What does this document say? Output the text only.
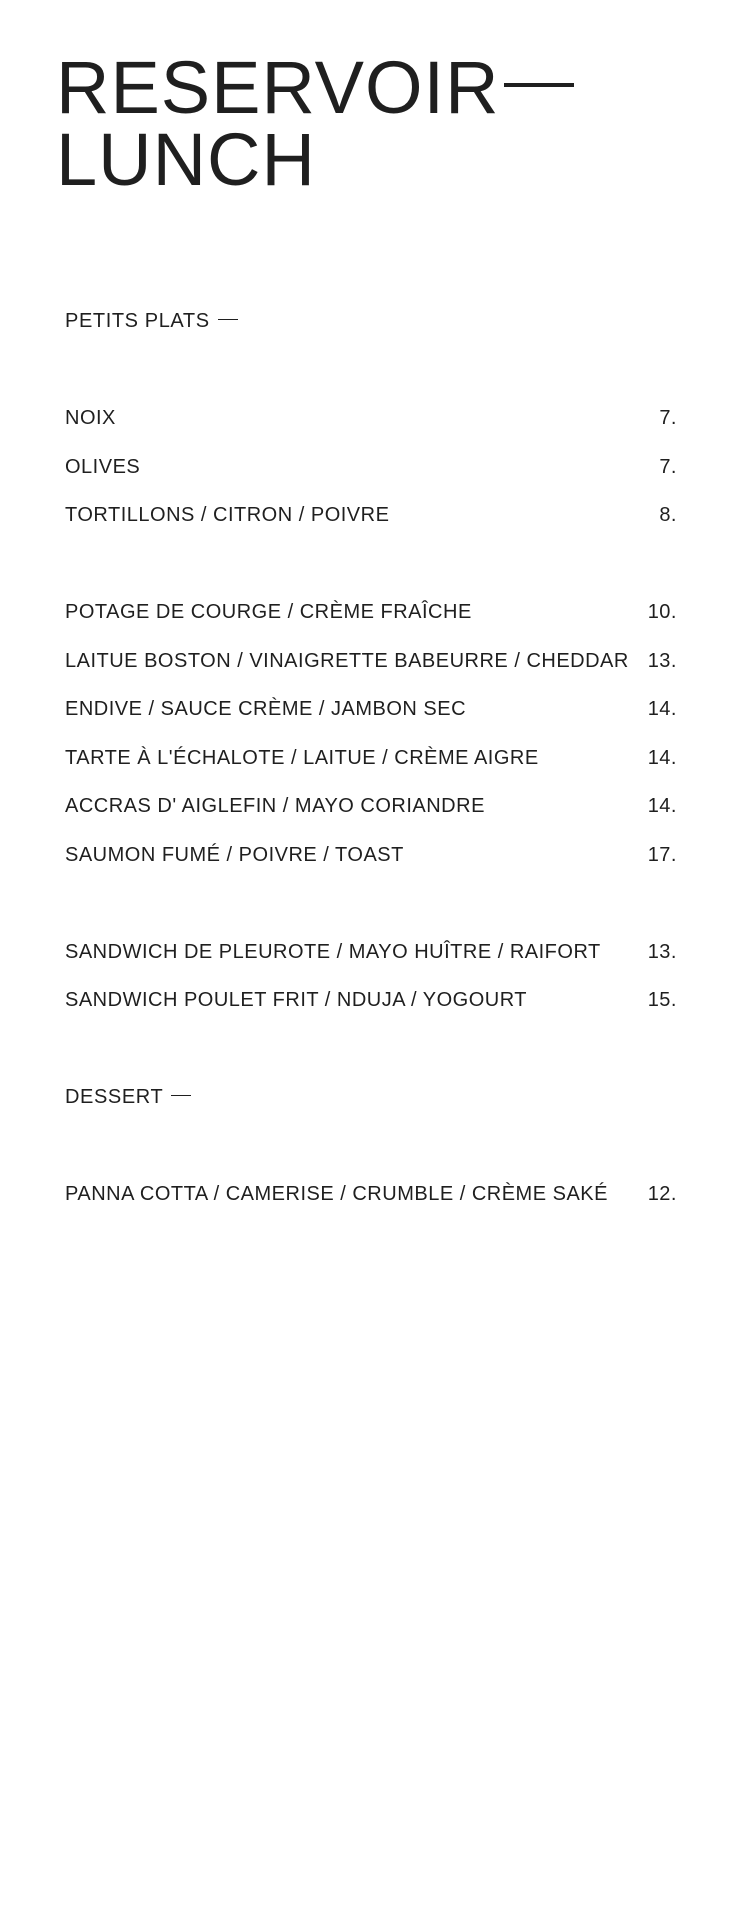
RESERVOIR
LUNCH
PETITS PLATS
NOIX	7.
OLIVES	7.
TORTILLONS / CITRON / POIVRE	8.
POTAGE DE COURGE / CRÈME FRAÎCHE	10.
LAITUE BOSTON / VINAIGRETTE BABEURRE / CHEDDAR 13.
ENDIVE / SAUCE CRÈME / JAMBON SEC	14.
TARTE À L'ÉCHALOTE / LAITUE / CRÈME AIGRE	14.
ACCRAS D' AIGLEFIN / MAYO CORIANDRE	14.
SAUMON FUMÉ / POIVRE / TOAST	17.
SANDWICH DE PLEUROTE / MAYO HUÎTRE / RAIFORT 13.
SANDWICH POULET FRIT / NDUJA / YOGOURT	15.
DESSERT
PANNA COTTA / CAMERISE / CRUMBLE / CRÈME SAKÉ 12.
